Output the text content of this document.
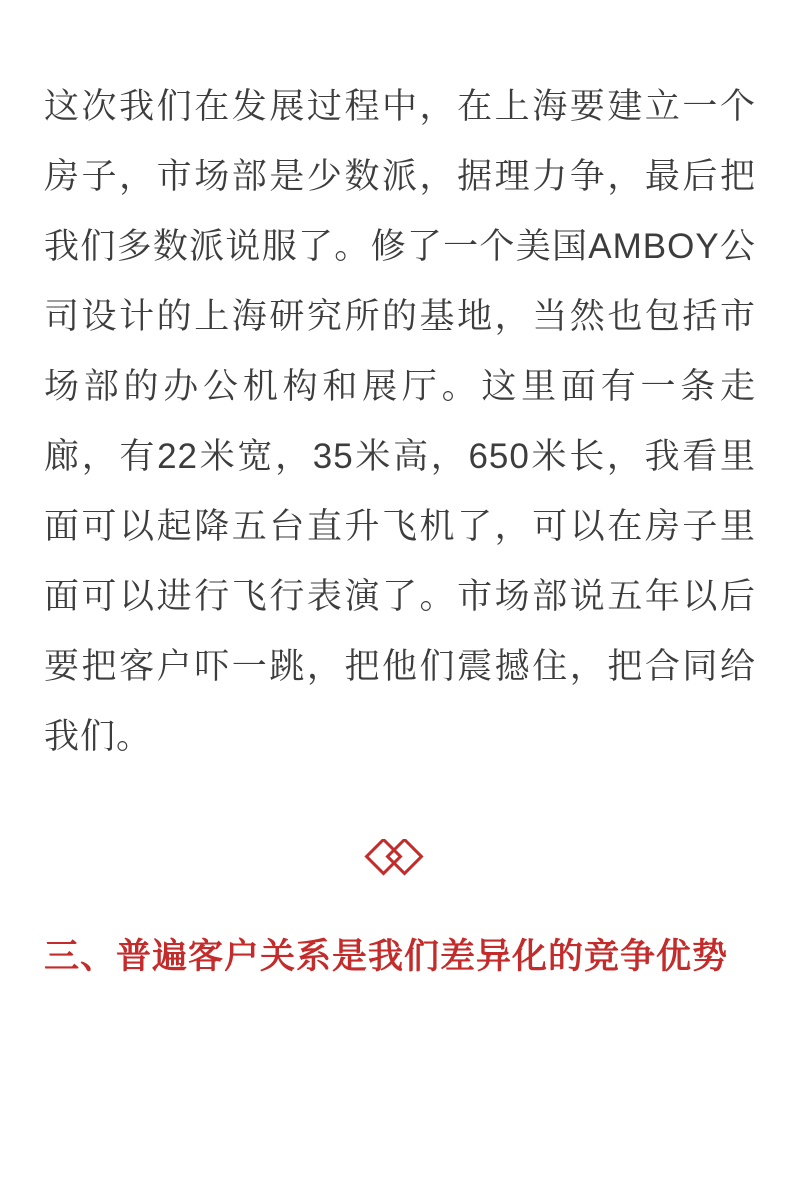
这次我们在发展过程中，在上海要建立一个房子，市场部是少数派，据理力争，最后把我们多数派说服了。修了一个美国AMBOY公司设计的上海研究所的基地，当然也包括市场部的办公机构和展厅。这里面有一条走廊，有22米宽，35米高，650米长，我看里面可以起降五台直升飞机了，可以在房子里面可以进行飞行表演了。市场部说五年以后要把客户吓一跳，把他们震撼住，把合同给我们。

三、普遍客户关系是我们差异化的竞争优势
